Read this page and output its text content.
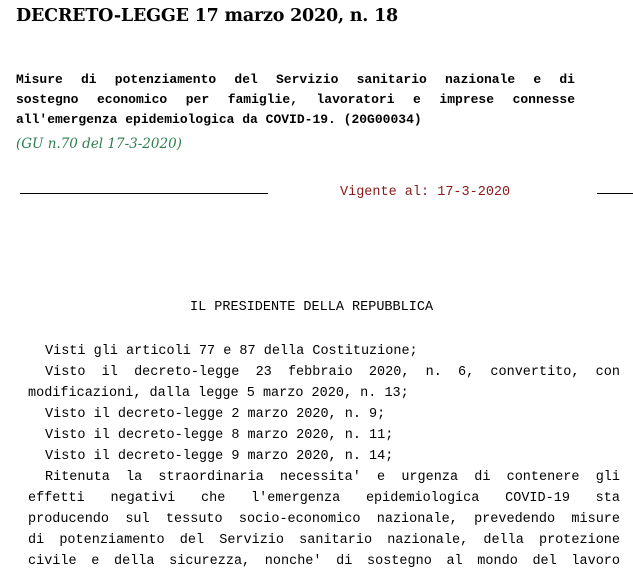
DECRETO-LEGGE 17 marzo 2020, n. 18
Misure di potenziamento del Servizio sanitario nazionale e di
sostegno economico per famiglie, lavoratori e imprese connesse
all'emergenza epidemiologica da COVID-19. (20G00034)
(GU n.70 del 17-3-2020)
Vigente al: 17-3-2020
IL PRESIDENTE DELLA REPUBBLICA
Visti gli articoli 77 e 87 della Costituzione;
Visto il decreto-legge 23 febbraio 2020, n. 6, convertito, con
modificazioni, dalla legge 5 marzo 2020, n. 13;
Visto il decreto-legge 2 marzo 2020, n. 9;
Visto il decreto-legge 8 marzo 2020, n. 11;
Visto il decreto-legge 9 marzo 2020, n. 14;
Ritenuta la straordinaria necessita' e urgenza di contenere gli
effetti negativi che l'emergenza epidemiologica COVID-19 sta
producendo sul tessuto socio-economico nazionale, prevedendo misure
di potenziamento del Servizio sanitario nazionale, della protezione
civile e della sicurezza, nonche' di sostegno al mondo del lavoro
